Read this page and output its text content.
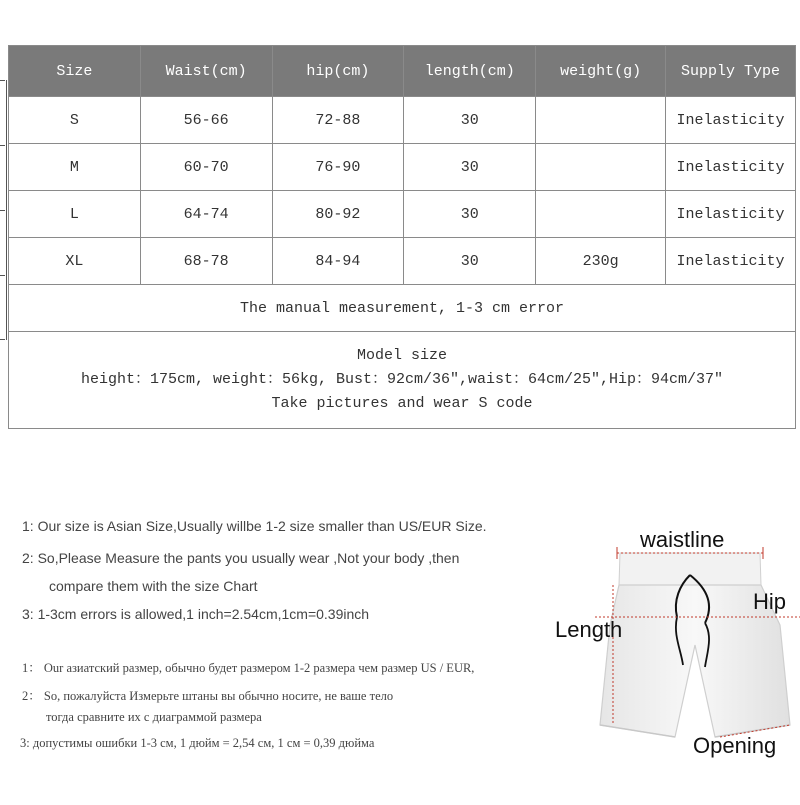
Size	Waist(cm)	hip(cm)	length(cm)	weight(g)	Supply Type
S	56-66	72-88	30		Inelasticity
M	60-70	76-90	30		Inelasticity
L	64-74	80-92	30		Inelasticity
XL	68-78	84-94	30	230g	Inelasticity
The manual measurement, 1-3 cm error					

Model size
height：175cm, weight：56kg, Bust：92cm/36″,waist：64cm/25″,Hip：94cm/37″
Take pictures and wear S code					
1: Our size is Asian Size,Usually willbe 1-2 size smaller than US/EUR Size.
2: So,Please Measure the pants you usually wear ,Not your body ,then
compare them with the size Chart
3: 1-3cm errors is allowed,1 inch=2.54cm,1cm=0.39inch
1： Our азиатский размер, обычно будет размером 1-2 размера чем размер US / EUR,
2： So, пожалуйста Измерьте штаны вы обычно носите, не ваше тело
тогда сравните их с диаграммой размера
3: допустимы ошибки 1-3 см, 1 дюйм = 2,54 см, 1 см = 0,39 дюйма
waistline
Hip
Length
Opening
